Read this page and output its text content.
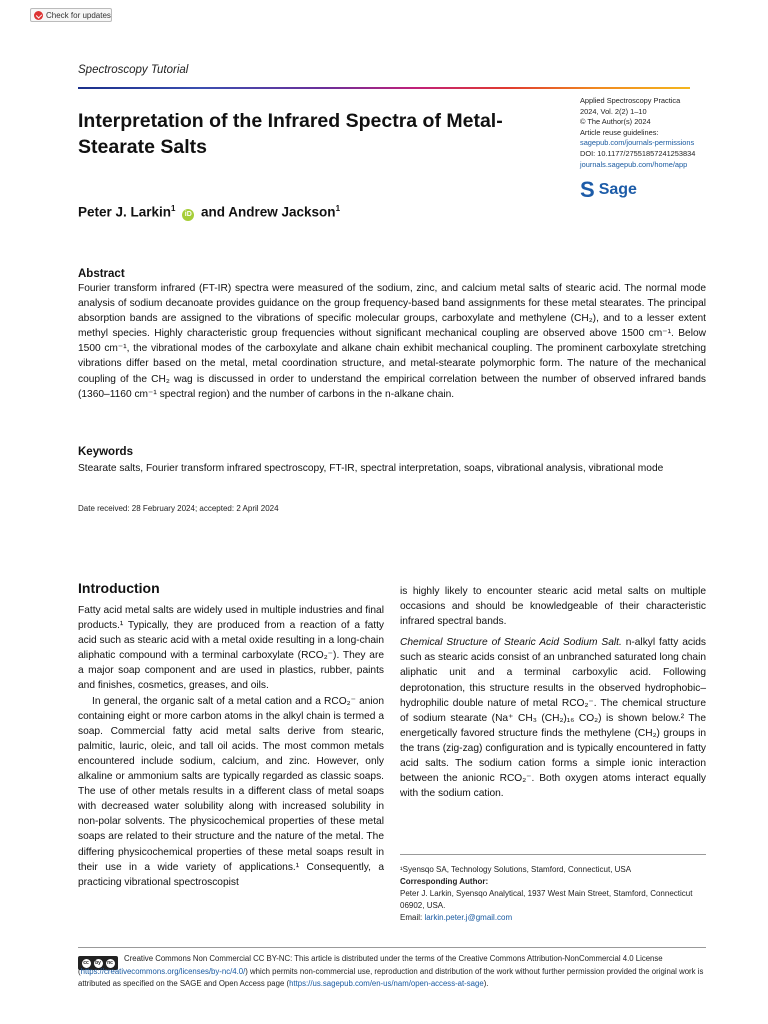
Check for updates
Spectroscopy Tutorial
Interpretation of the Infrared Spectra of Metal-Stearate Salts
Peter J. Larkin$^1$ iD and Andrew Jackson$^1$
Applied Spectroscopy Practica
2024, Vol. 2(2) 1–10
© The Author(s) 2024
Article reuse guidelines:
sagepub.com/journals-permissions
DOI: 10.1177/27551857241253834
journals.sagepub.com/home/app
S Sage
Abstract
Fourier transform infrared (FT-IR) spectra were measured of the sodium, zinc, and calcium metal salts of stearic acid. The normal mode analysis of sodium decanoate provides guidance on the group frequency-based band assignments for these metal stearates. The principal absorption bands are assigned to the vibrations of specific molecular groups, carboxylate and methylene (CH₂), and to a lesser extent methyl species. Highly characteristic group frequencies without significant mechanical coupling are observed above 1500 cm⁻¹. Below 1500 cm⁻¹, the vibrational modes of the carboxylate and alkane chain exhibit mechanical coupling. The prominent carboxylate stretching vibrations differ based on the metal, metal coordination structure, and metal-stearate polymorphic form. The nature of the mechanical coupling of the CH₂ wag is discussed in order to understand the empirical correlation between the number of observed infrared bands (1360–1160 cm⁻¹ spectral region) and the number of carbons in the n-alkane chain.
Keywords
Stearate salts, Fourier transform infrared spectroscopy, FT-IR, spectral interpretation, soaps, vibrational analysis, vibrational mode
Date received: 28 February 2024; accepted: 2 April 2024
Introduction

Fatty acid metal salts are widely used in multiple industries and final products.¹ Typically, they are produced from a reaction of a fatty acid such as stearic acid with a metal oxide resulting in a long-chain aliphatic compound with a terminal carboxylate (RCO₂⁻). They are a major soap component and are used in plastics, rubber, paints and finishes, cosmetics, greases, and oils.

In general, the organic salt of a metal cation and a RCO₂⁻ anion containing eight or more carbon atoms in the alkyl chain is termed a soap. Commercial fatty acid metal salts derive from stearic, palmitic, lauric, oleic, and tall oil acids. The most common metals encountered include sodium, calcium, and zinc. However, only alkaline or ammonium salts are typically regarded as classic soaps. The use of other metals results in a different class of metal soaps with decreased water solubility along with increased solubility in non-polar solvents. The physicochemical properties of these metal soaps are related to their structure and the nature of the metal. The differing physicochemical properties of these metal soaps result in their use in a wide variety of applications.¹ Consequently, a practicing vibrational spectroscopist

is highly likely to encounter stearic acid metal salts on multiple occasions and should be knowledgeable of their characteristic infrared spectral bands.

Chemical Structure of Stearic Acid Sodium Salt. n-alkyl fatty acids such as stearic acids consist of an unbranched saturated long chain aliphatic unit and a terminal carboxylic acid. Following deprotonation, this structure results in the observed hydrophobic–hydrophilic double nature of metal RCO₂⁻. The chemical structure of sodium stearate (Na⁺ CH₃ (CH₂)₁₆ CO₂) is shown below.² The energetically favored structure finds the methylene (CH₂) groups in the trans (zig-zag) configuration and is typically encountered in fatty acid salts. The sodium cation forms a simple ionic interaction between the anionic RCO₂⁻. Both oxygen atoms interact equally with the sodium cation.

¹Syensqo SA, Technology Solutions, Stamford, Connecticut, USA
Corresponding Author:
Peter J. Larkin, Syensqo Analytical, 1937 West Main Street, Stamford, Connecticut 06902, USA.
Email: larkin.peter.j@gmail.com
cc	by	nc	Creative Commons Non Commercial CC BY-NC: This article is distributed under the terms of the Creative Commons Attribution-NonCommercial 4.0 License (https://creativecommons.org/licenses/by-nc/4.0/) which permits non-commercial use, reproduction and distribution of the work without further permission provided the original work is attributed as specified on the SAGE and Open Access page (https://us.sagepub.com/en-us/nam/open-access-at-sage).
